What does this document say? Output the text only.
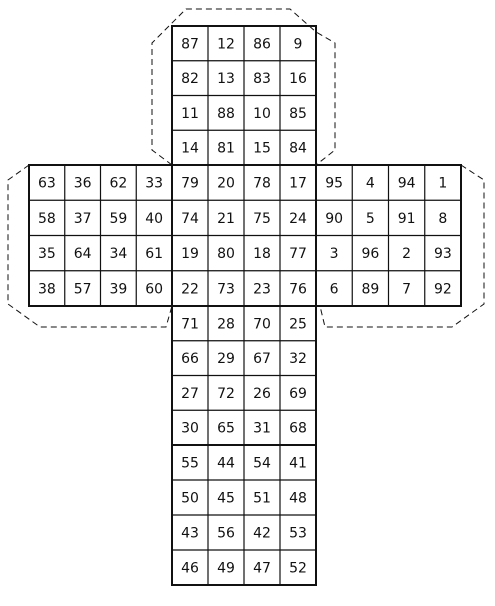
87 12 86 9
82 13 83 16
11 88 10 85
14 81 15 84
63 36 62 33
58 37 59 40
35 64 34 61
38 57 39 60
79 20 78 17
74 21 75 24
19 80 18 77
22 73 23 76
95 4 94 1
90 5 91 8
3 96 2 93
6 89 7 92
71 28 70 25
66 29 67 32
27 72 26 69
30 65 31 68
55 44 54 41
50 45 51 48
43 56 42 53
46 49 47 52
